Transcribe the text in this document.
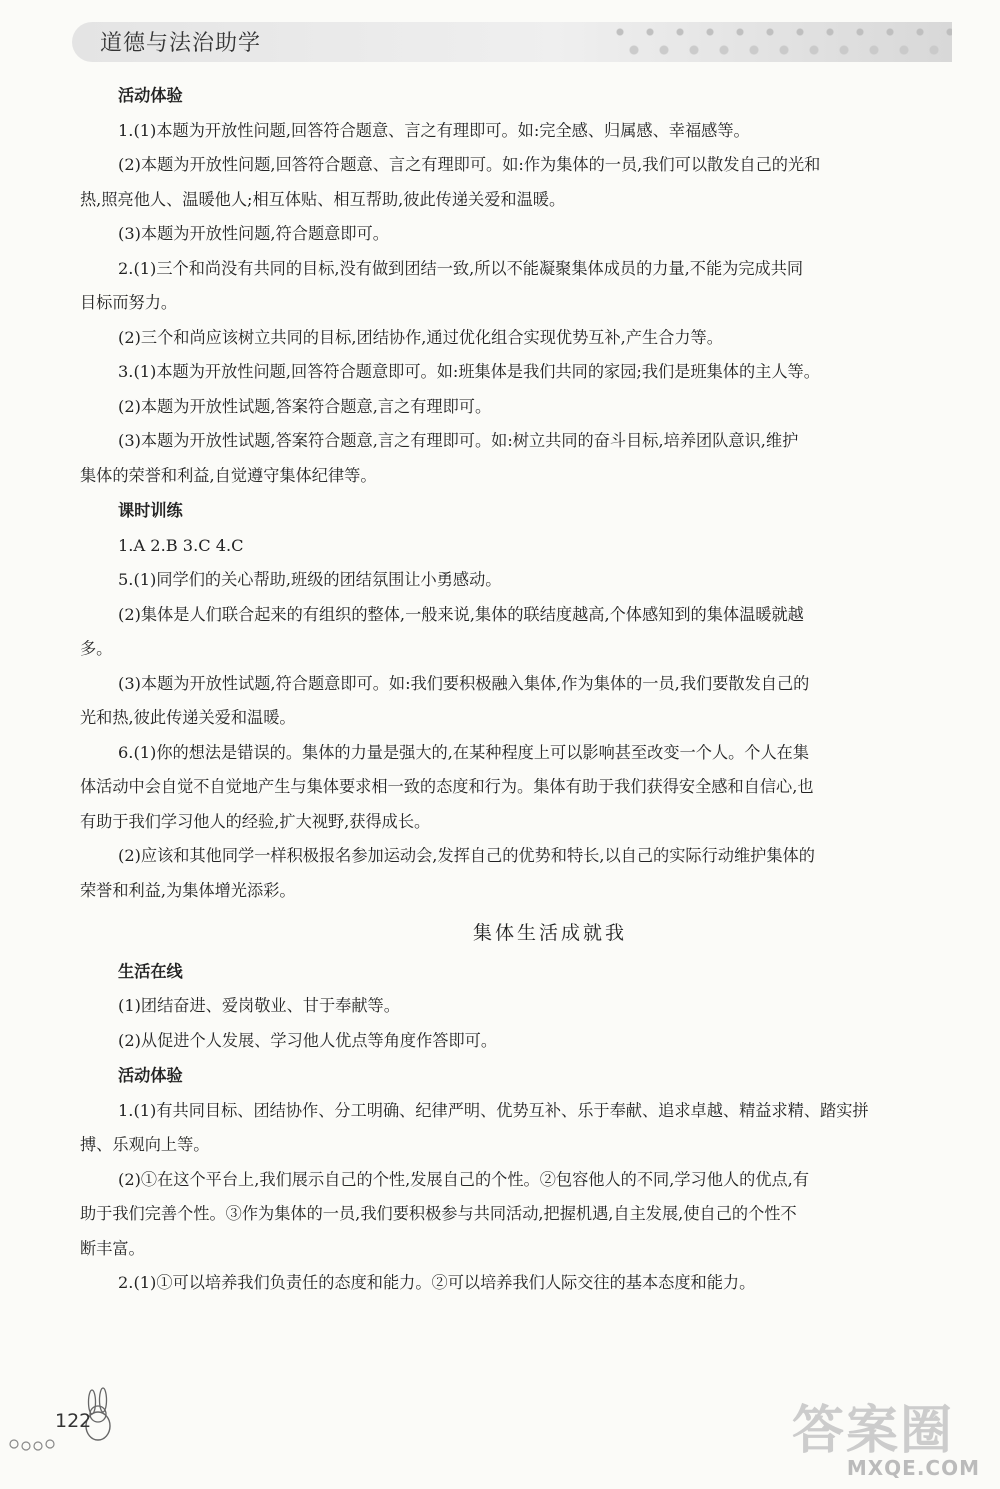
道德与法治助学

活动体验

1.(1)本题为开放性问题,回答符合题意、言之有理即可。如:完全感、归属感、幸福感等。

(2)本题为开放性问题,回答符合题意、言之有理即可。如:作为集体的一员,我们可以散发自己的光和

热,照亮他人、温暖他人;相互体贴、相互帮助,彼此传递关爱和温暖。

(3)本题为开放性问题,符合题意即可。

2.(1)三个和尚没有共同的目标,没有做到团结一致,所以不能凝聚集体成员的力量,不能为完成共同

目标而努力。

(2)三个和尚应该树立共同的目标,团结协作,通过优化组合实现优势互补,产生合力等。

3.(1)本题为开放性问题,回答符合题意即可。如:班集体是我们共同的家园;我们是班集体的主人等。

(2)本题为开放性试题,答案符合题意,言之有理即可。

(3)本题为开放性试题,答案符合题意,言之有理即可。如:树立共同的奋斗目标,培养团队意识,维护

集体的荣誉和利益,自觉遵守集体纪律等。

课时训练

1.A 2.B 3.C 4.C

5.(1)同学们的关心帮助,班级的团结氛围让小勇感动。

(2)集体是人们联合起来的有组织的整体,一般来说,集体的联结度越高,个体感知到的集体温暖就越

多。

(3)本题为开放性试题,符合题意即可。如:我们要积极融入集体,作为集体的一员,我们要散发自己的

光和热,彼此传递关爱和温暖。

6.(1)你的想法是错误的。集体的力量是强大的,在某种程度上可以影响甚至改变一个人。个人在集

体活动中会自觉不自觉地产生与集体要求相一致的态度和行为。集体有助于我们获得安全感和自信心,也

有助于我们学习他人的经验,扩大视野,获得成长。

(2)应该和其他同学一样积极报名参加运动会,发挥自己的优势和特长,以自己的实际行动维护集体的

荣誉和利益,为集体增光添彩。

集体生活成就我

生活在线

(1)团结奋进、爱岗敬业、甘于奉献等。

(2)从促进个人发展、学习他人优点等角度作答即可。

活动体验

1.(1)有共同目标、团结协作、分工明确、纪律严明、优势互补、乐于奉献、追求卓越、精益求精、踏实拼

搏、乐观向上等。

(2)①在这个平台上,我们展示自己的个性,发展自己的个性。②包容他人的不同,学习他人的优点,有

助于我们完善个性。③作为集体的一员,我们要积极参与共同活动,把握机遇,自主发展,使自己的个性不

断丰富。

2.(1)①可以培养我们负责任的态度和能力。②可以培养我们人际交往的基本态度和能力。

122	答案圈
MXQE.COM
